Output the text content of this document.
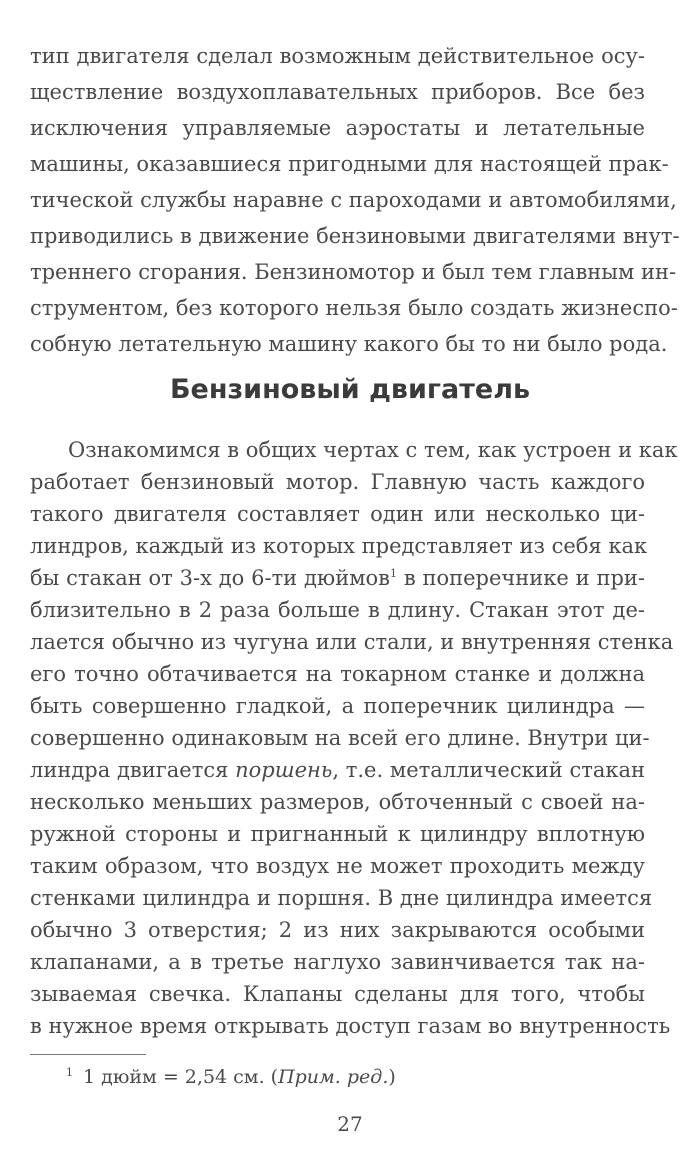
тип двигателя сделал возможным действительное осу-
ществление воздухоплавательных приборов. Все без
исключения управляемые аэростаты и летательные
машины, оказавшиеся пригодными для настоящей прак-
тической службы наравне с пароходами и автомобилями,
приводились в движение бензиновыми двигателями внут-
треннего сгорания. Бензиномотор и был тем главным ин-
струментом, без которого нельзя было создать жизнеспо-
собную летательную машину какого бы то ни было рода.
Бензиновый двигатель
Ознакомимся в общих чертах с тем, как устроен и как
работает бензиновый мотор. Главную часть каждого
такого двигателя составляет один или несколько ци-
линдров, каждый из которых представляет из себя как
бы стакан от 3-х до 6-ти дюймов$^1$ в поперечнике и при-
близительно в 2 раза больше в длину. Стакан этот де-
лается обычно из чугуна или стали, и внутренняя стенка
его точно обтачивается на токарном станке и должна
быть совершенно гладкой, а поперечник цилиндра —
совершенно одинаковым на всей его длине. Внутри ци-
линдра двигается поршень, т.е. металлический стакан
несколько меньших размеров, обточенный с своей на-
ружной стороны и пригнанный к цилиндру вплотную
таким образом, что воздух не может проходить между
стенками цилиндра и поршня. В дне цилиндра имеется
обычно 3 отверстия; 2 из них закрываются особыми
$^1$ 1 дюйм = 2,54 см. (Прим. ред.)
27
клапанами, а в третье наглухо завинчивается так на-
зываемая свечка. Клапаны сделаны для того, чтобы
в нужное время открывать доступ газам во внутренность
